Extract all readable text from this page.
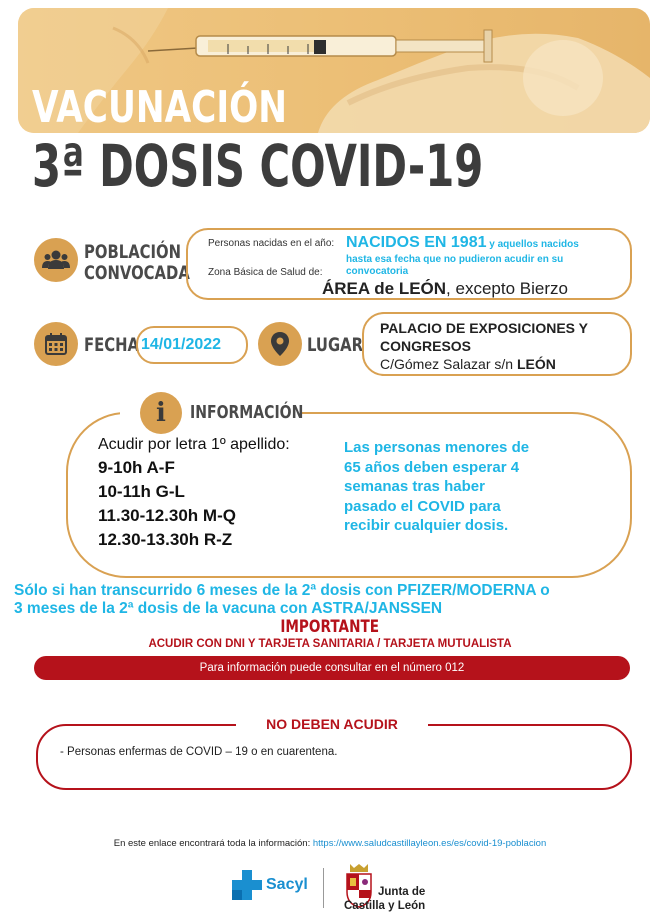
VACUNACIÓN
3ª DOSIS COVID-19
POBLACIÓN
CONVOCADA
Personas nacidas en el año:
Zona Básica de Salud de:
NACIDOS EN 1981 y aquellos nacidos
hasta esa fecha que no pudieron acudir en su
convocatoria
ÁREA de LEÓN, excepto Bierzo
FECHA 14/01/2022	LUGAR
PALACIO DE EXPOSICIONES Y
CONGRESOS
C/Gómez Salazar s/n LEÓN
i INFORMACIÓN
Acudir por letra 1º apellido:
9-10h A-F
10-11h G-L
11.30-12.30h M-Q
12.30-13.30h R-Z
Las personas menores de
65 años deben esperar 4
semanas tras haber
pasado el COVID para
recibir cualquier dosis.
Sólo si han transcurrido 6 meses de la 2ª dosis con PFIZER/MODERNA o
3 meses de la 2ª dosis de la vacuna con ASTRA/JANSSEN
IMPORTANTE
ACUDIR CON DNI Y TARJETA SANITARIA / TARJETA MUTUALISTA
Para información puede consultar en el número 012
NO DEBEN ACUDIR
- Personas enfermas de COVID – 19 o en cuarentena.
En este enlace encontrará toda la información: https://www.saludcastillayleon.es/es/covid-19-poblacion
Sacyl	Junta de
Castilla y León
